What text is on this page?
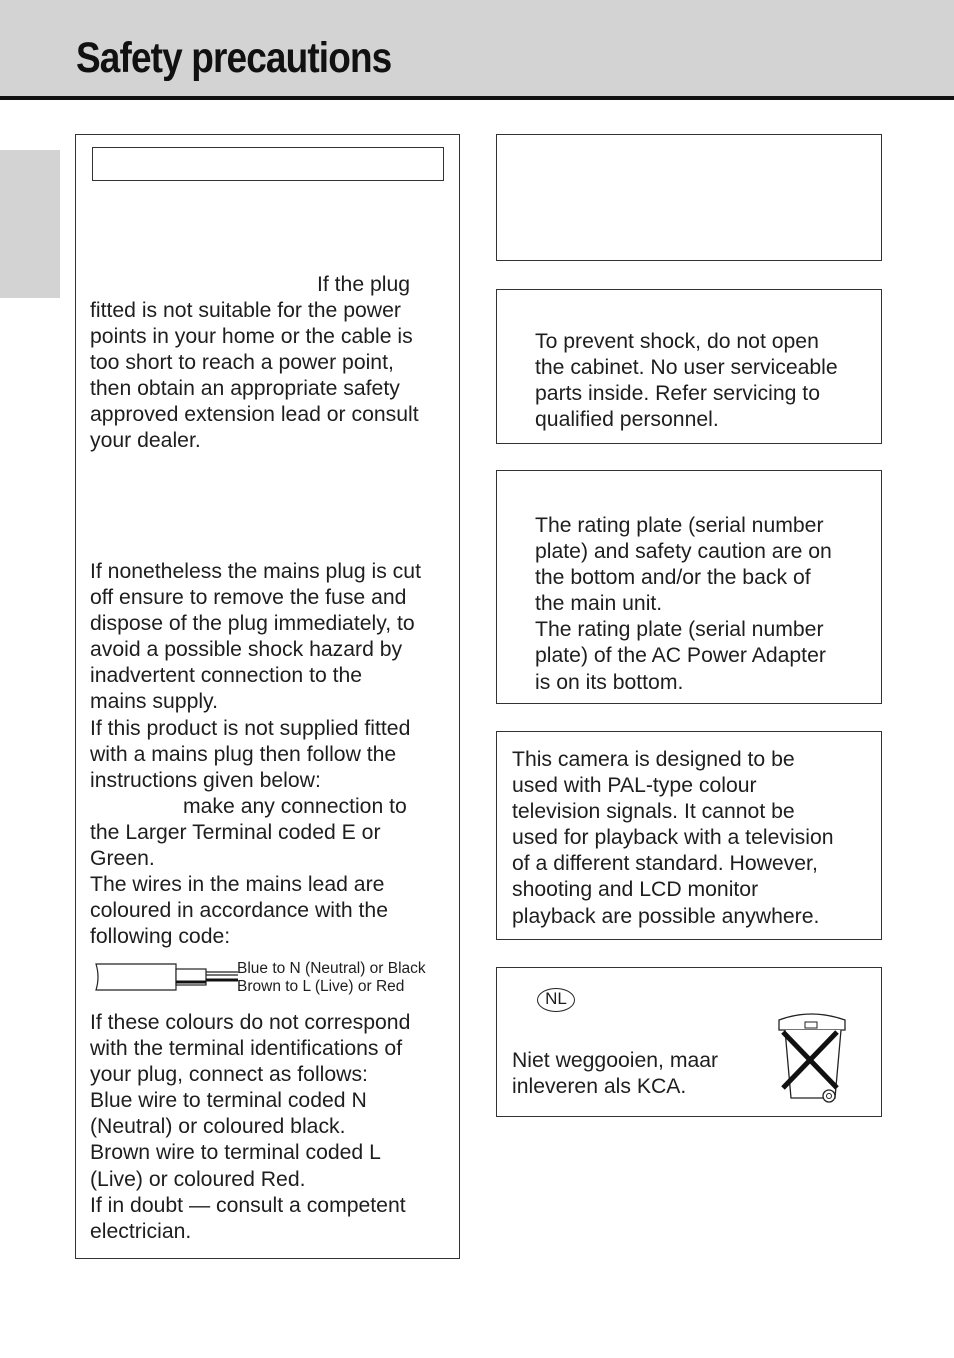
Safety precautions

If the plug

fitted is not suitable for the power
points in your home or the cable is
too short to reach a power point,
then obtain an appropriate safety
approved extension lead or consult
your dealer.

If nonetheless the mains plug is cut
off ensure to remove the fuse and
dispose of the plug immediately, to
avoid a possible shock hazard by
inadvertent connection to the
mains supply.
If this product is not supplied fitted
with a mains plug then follow the
instructions given below:

make any connection to

the Larger Terminal coded E or
Green.
The wires in the mains lead are
coloured in accordance with the
following code:

Blue to N (Neutral) or Black
Brown to L (Live) or Red

If these colours do not correspond
with the terminal identifications of
your plug, connect as follows:
Blue wire to terminal coded N
(Neutral) or coloured black.
Brown wire to terminal coded L
(Live) or coloured Red.
If in doubt — consult a competent
electrician.

To prevent shock, do not open
the cabinet. No user serviceable
parts inside. Refer servicing to
qualified personnel.

The rating plate (serial number
plate) and safety caution are on
the bottom and/or the back of
the main unit.
The rating plate (serial number
plate) of the AC Power Adapter
is on its bottom.

This camera is designed to be
used with PAL-type colour
television signals. It cannot be
used for playback with a television
of a different standard. However,
shooting and LCD monitor
playback are possible anywhere.

NL

Niet weggooien, maar
inleveren als KCA.
